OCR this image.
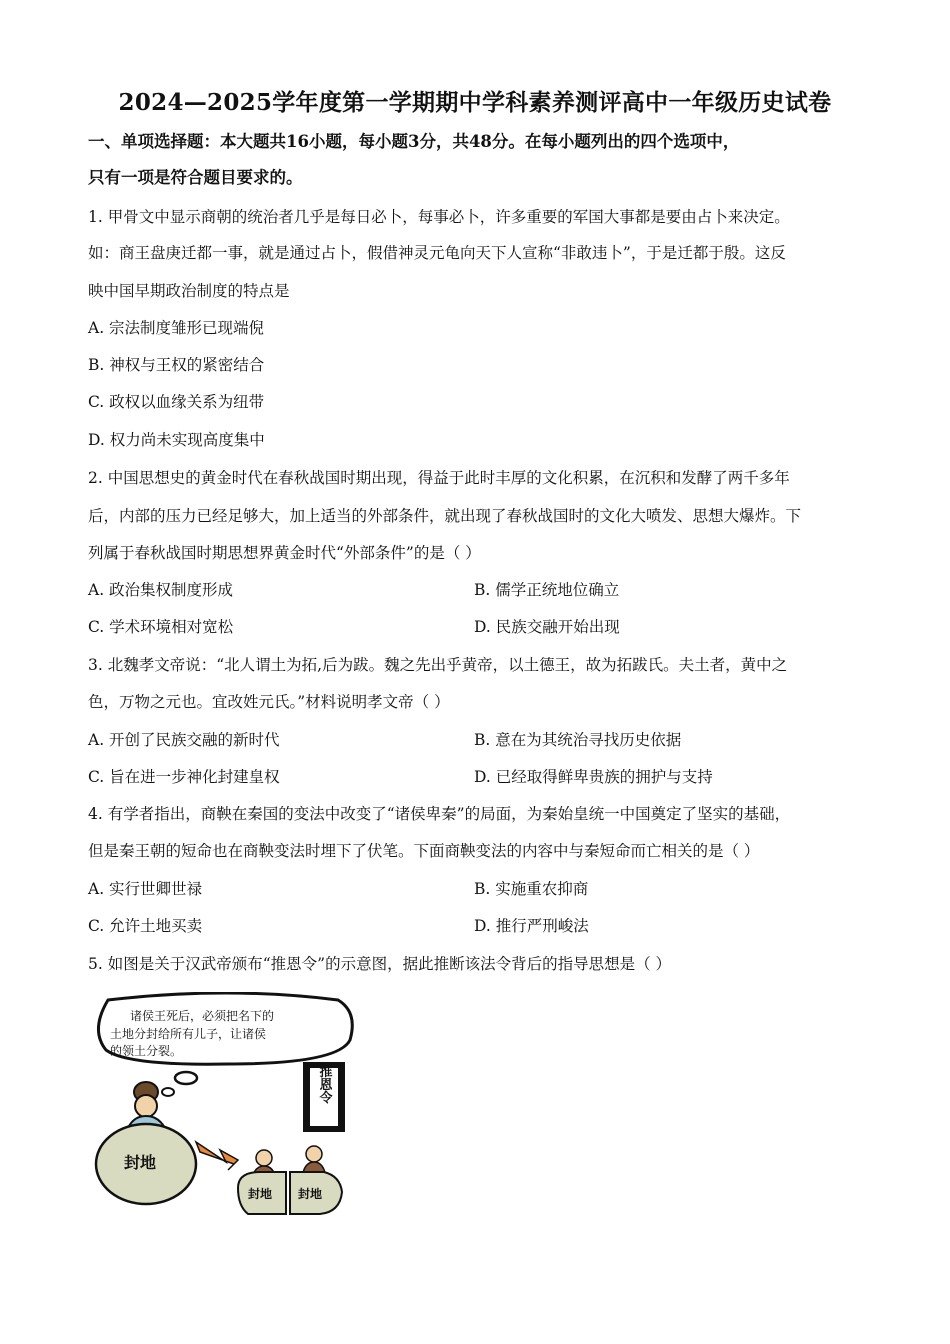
2024—2025学年度第一学期期中学科素养测评高中一年级历史试卷
一、单项选择题：本大题共16小题，每小题3分，共48分。在每小题列出的四个选项中，
只有一项是符合题目要求的。
1. 甲骨文中显示商朝的统治者几乎是每日必卜，每事必卜，许多重要的军国大事都是要由占卜来决定。
如：商王盘庚迁都一事，就是通过占卜，假借神灵元龟向天下人宣称“非敢违卜”，于是迁都于殷。这反
映中国早期政治制度的特点是
A. 宗法制度雏形已现端倪
B. 神权与王权的紧密结合
C. 政权以血缘关系为纽带
D. 权力尚未实现高度集中
2. 中国思想史的黄金时代在春秋战国时期出现，得益于此时丰厚的文化积累，在沉积和发酵了两千多年
后，内部的压力已经足够大，加上适当的外部条件，就出现了春秋战国时的文化大喷发、思想大爆炸。下
列属于春秋战国时期思想界黄金时代“外部条件”的是（ ）
A. 政治集权制度形成	B. 儒学正统地位确立
C. 学术环境相对宽松	D. 民族交融开始出现
3. 北魏孝文帝说：“北人谓土为拓,后为跋。魏之先出乎黄帝，以土德王，故为拓跋氏。夫土者，黄中之
色，万物之元也。宜改姓元氏。”材料说明孝文帝（ ）
A. 开创了民族交融的新时代	B. 意在为其统治寻找历史依据
C. 旨在进一步神化封建皇权	D. 已经取得鲜卑贵族的拥护与支持
4. 有学者指出，商鞅在秦国的变法中改变了“诸侯卑秦”的局面，为秦始皇统一中国奠定了坚实的基础，
但是秦王朝的短命也在商鞅变法时埋下了伏笔。下面商鞅变法的内容中与秦短命而亡相关的是（ ）
A. 实行世卿世禄	B. 实施重农抑商
C. 允许土地买卖	D. 推行严刑峻法
5. 如图是关于汉武帝颁布“推恩令”的示意图，据此推断该法令背后的指导思想是（ ）
诸侯王死后，必须把名下的
土地分封给所有儿子，让诸侯
的领土分裂。
推恩令
封地
封地 封地
